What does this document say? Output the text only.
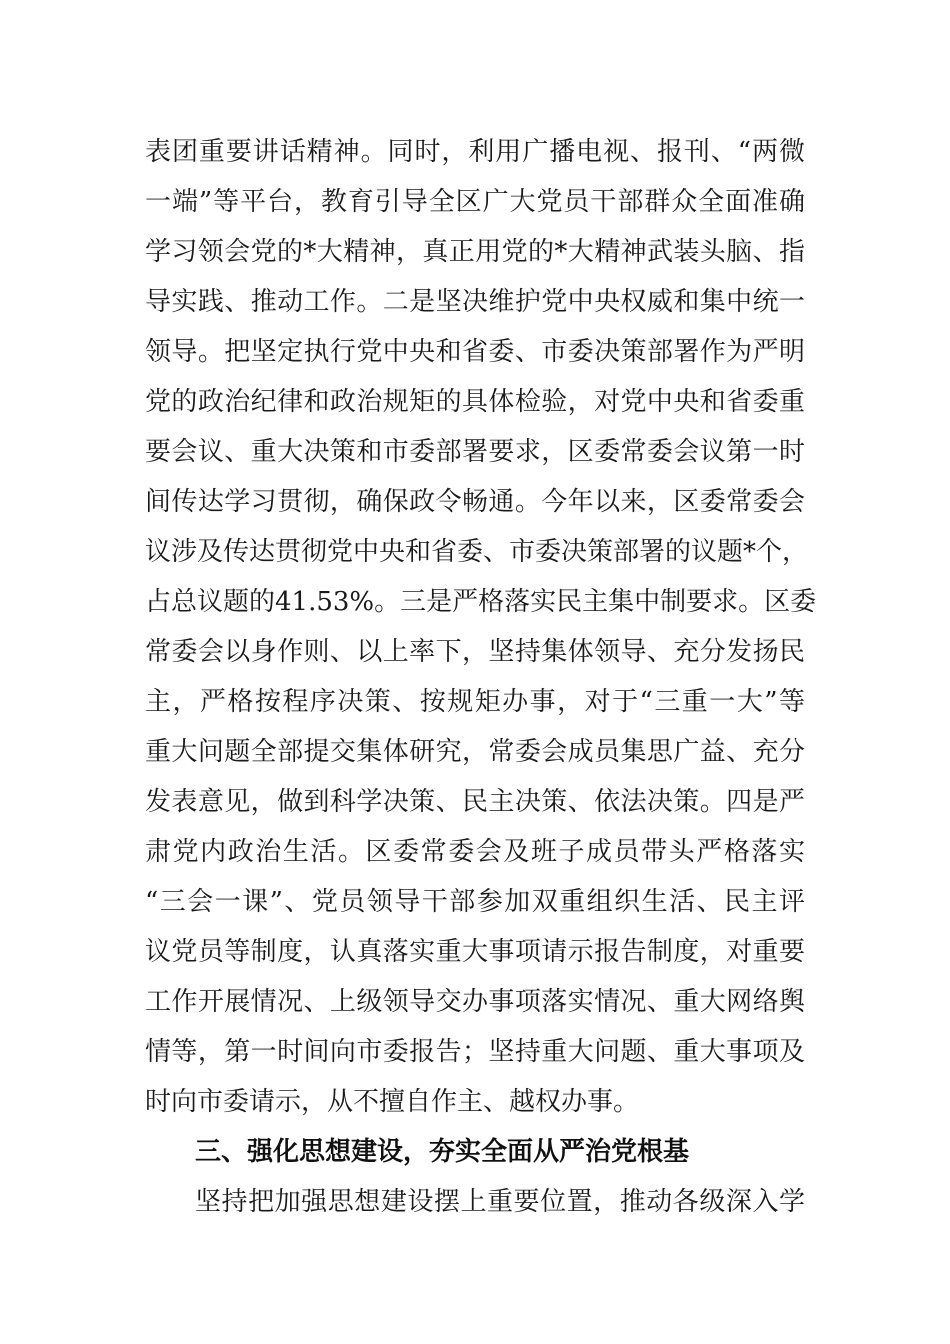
表团重要讲话精神。同时，利用广播电视、报刊、“两微
一端”等平台，教育引导全区广大党员干部群众全面准确
学习领会党的*大精神，真正用党的*大精神武装头脑、指
导实践、推动工作。二是坚决维护党中央权威和集中统一
领导。把坚定执行党中央和省委、市委决策部署作为严明
党的政治纪律和政治规矩的具体检验，对党中央和省委重
要会议、重大决策和市委部署要求，区委常委会议第一时
间传达学习贯彻，确保政令畅通。今年以来，区委常委会
议涉及传达贯彻党中央和省委、市委决策部署的议题*个，
占总议题的41.53%。三是严格落实民主集中制要求。区委
常委会以身作则、以上率下，坚持集体领导、充分发扬民
主，严格按程序决策、按规矩办事，对于“三重一大”等
重大问题全部提交集体研究，常委会成员集思广益、充分
发表意见，做到科学决策、民主决策、依法决策。四是严
肃党内政治生活。区委常委会及班子成员带头严格落实
“三会一课”、党员领导干部参加双重组织生活、民主评
议党员等制度，认真落实重大事项请示报告制度，对重要
工作开展情况、上级领导交办事项落实情况、重大网络舆
情等，第一时间向市委报告；坚持重大问题、重大事项及
时向市委请示，从不擅自作主、越权办事。
三、强化思想建设，夯实全面从严治党根基
坚持把加强思想建设摆上重要位置，推动各级深入学
